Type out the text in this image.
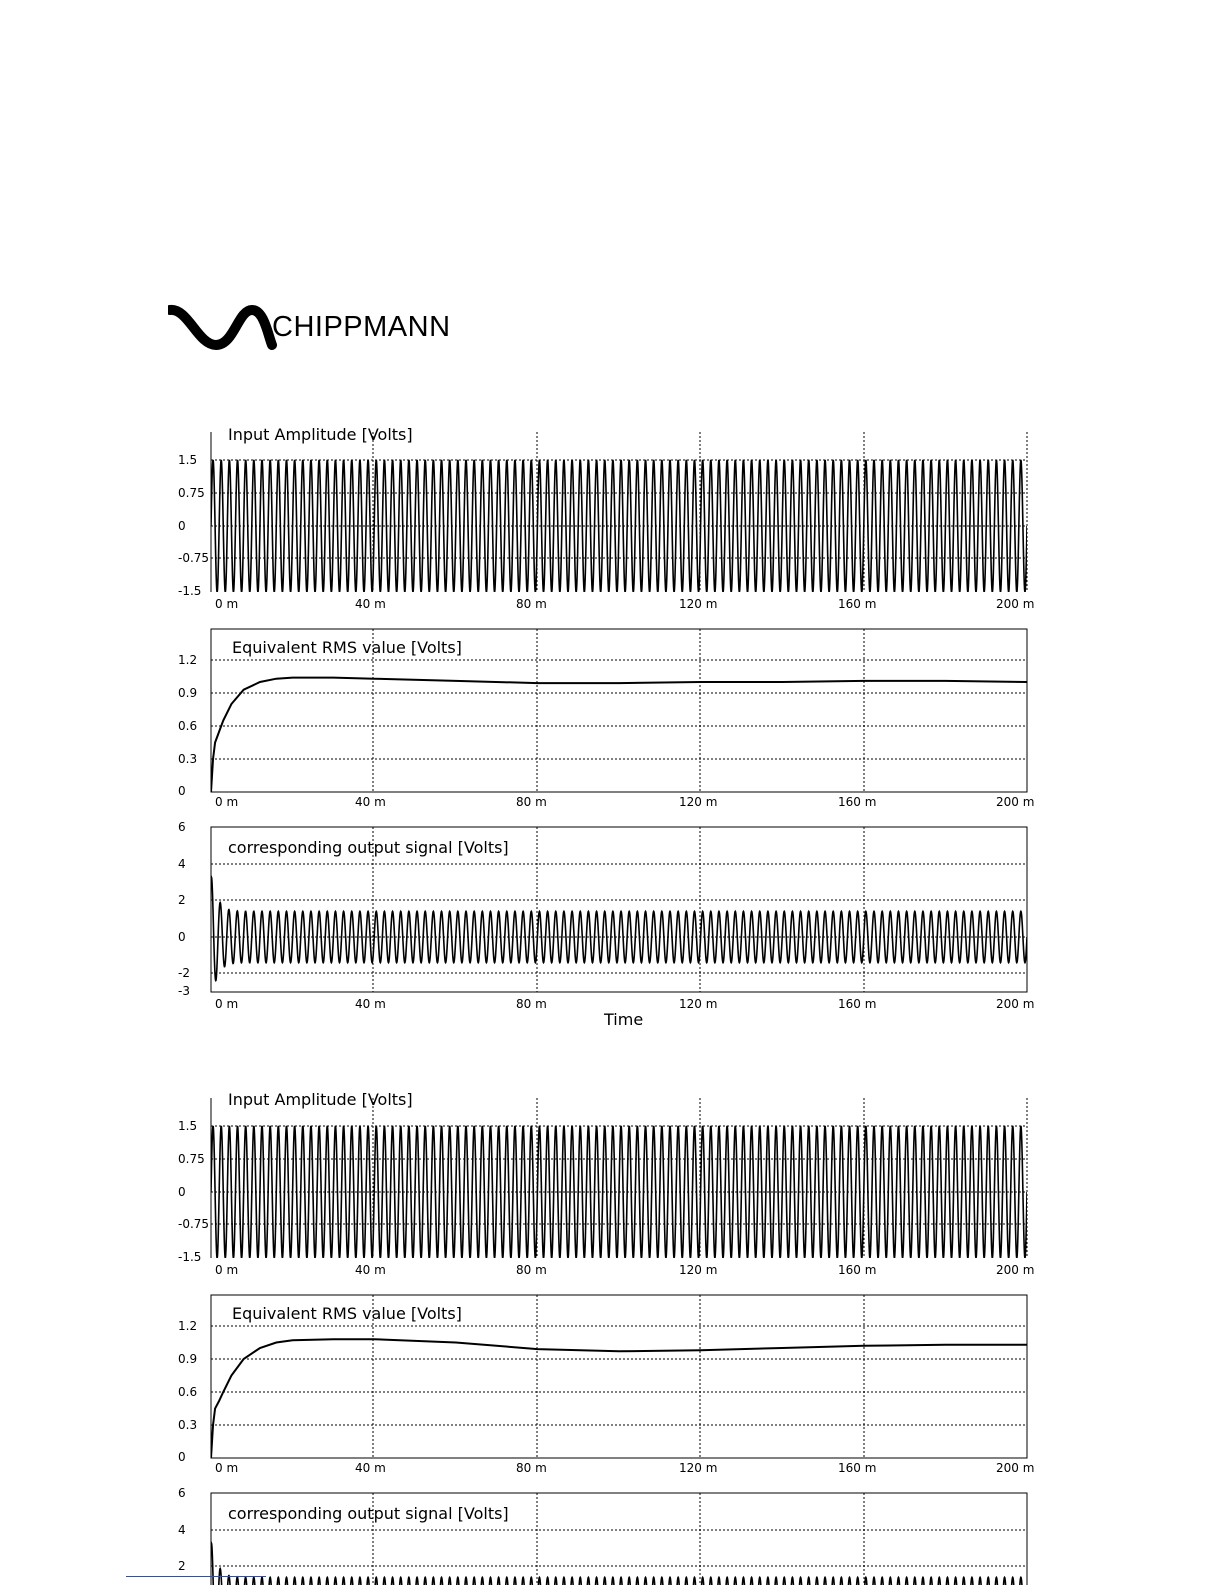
CHIPPMANN
1.5
0.75
0
-0.75
-1.5
0 m	40 m	80 m	120 m	160 m	200 m
Input Amplitude [Volts]
1.2
0.9
0.6
0.3
0
0 m	40 m	80 m	120 m	160 m	200 m
Equivalent RMS value [Volts]
6
4
2
0
-2
-3
0 m	40 m	80 m	120 m	160 m	200 m
corresponding output signal [Volts]
Time
1.5
0.75
0
-0.75
-1.5
0 m	40 m	80 m	120 m	160 m	200 m
Input Amplitude [Volts]
1.2
0.9
0.6
0.3
0
0 m	40 m	80 m	120 m	160 m	200 m
Equivalent RMS value [Volts]
6
4
2
corresponding output signal [Volts]
